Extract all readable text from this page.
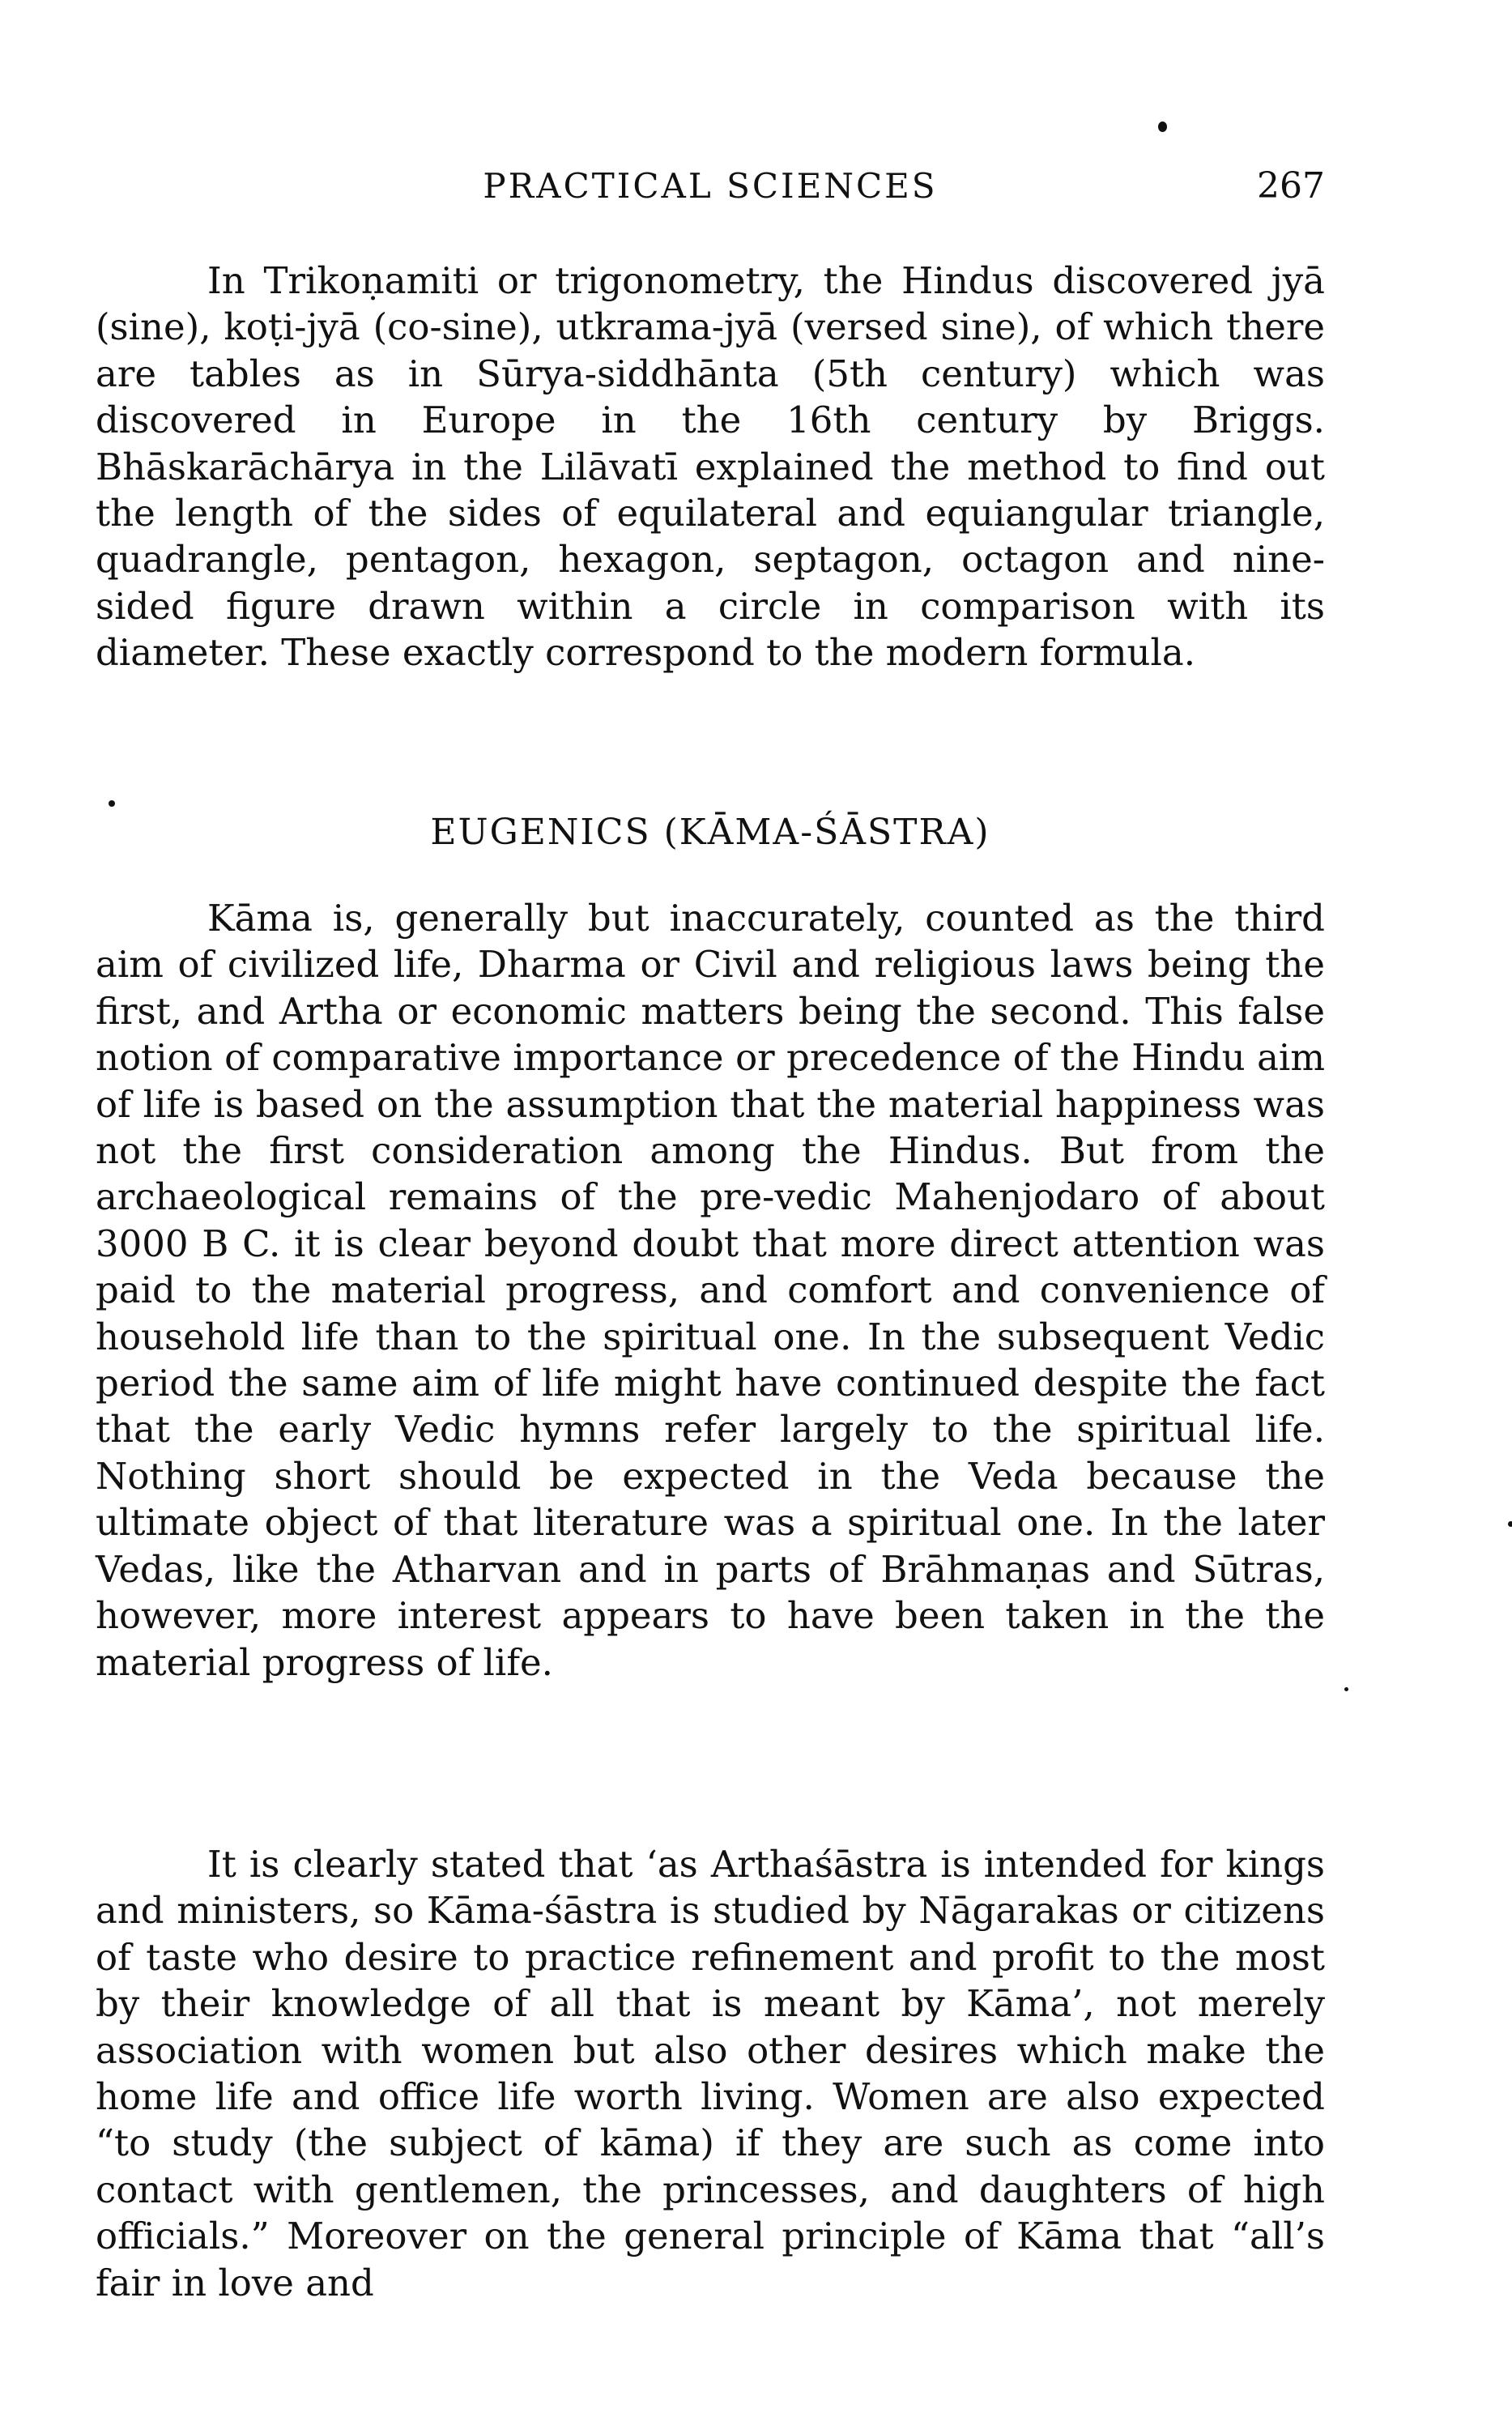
PRACTICAL SCIENCES	267

In Trikoṇamiti or trigonometry, the Hindus discovered jyā (sine), koṭi-jyā (co-sine), utkrama-jyā (versed sine), of which there are tables as in Sūrya-siddhānta (5th century) which was discovered in Europe in the 16th century by Briggs. Bhāskarāchārya in the Lilāvatī explained the method to find out the length of the sides of equilateral and equiangular triangle, quadrangle, pentagon, hexagon, septagon, octagon and nine-sided figure drawn within a circle in comparison with its diameter. These exactly correspond to the modern formula.

EUGENICS (KĀMA-ŚĀSTRA)

Kāma is, generally but inaccurately, counted as the third aim of civilized life, Dharma or Civil and religious laws being the first, and Artha or economic matters being the second. This false notion of comparative importance or precedence of the Hindu aim of life is based on the assumption that the material happiness was not the first consideration among the Hindus. But from the archaeological remains of the pre-vedic Mahenjodaro of about 3000 B C. it is clear beyond doubt that more direct attention was paid to the material progress, and comfort and convenience of household life than to the spiritual one. In the subsequent Vedic period the same aim of life might have continued despite the fact that the early Vedic hymns refer largely to the spiritual life. Nothing short should be expected in the Veda because the ultimate object of that literature was a spiritual one. In the later Vedas, like the Atharvan and in parts of Brāhmaṇas and Sūtras, however, more interest appears to have been taken in the the material progress of life.

It is clearly stated that ‘as Arthaśāstra is intended for kings and ministers, so Kāma-śāstra is studied by Nāgarakas or citizens of taste who desire to practice refinement and profit to the most by their knowledge of all that is meant by Kāma’, not merely association with women but also other desires which make the home life and office life worth living. Women are also expected “to study (the subject of kāma) if they are such as come into contact with gentlemen, the princesses, and daughters of high officials.” Moreover on the general principle of Kāma that “all’s fair in love and
